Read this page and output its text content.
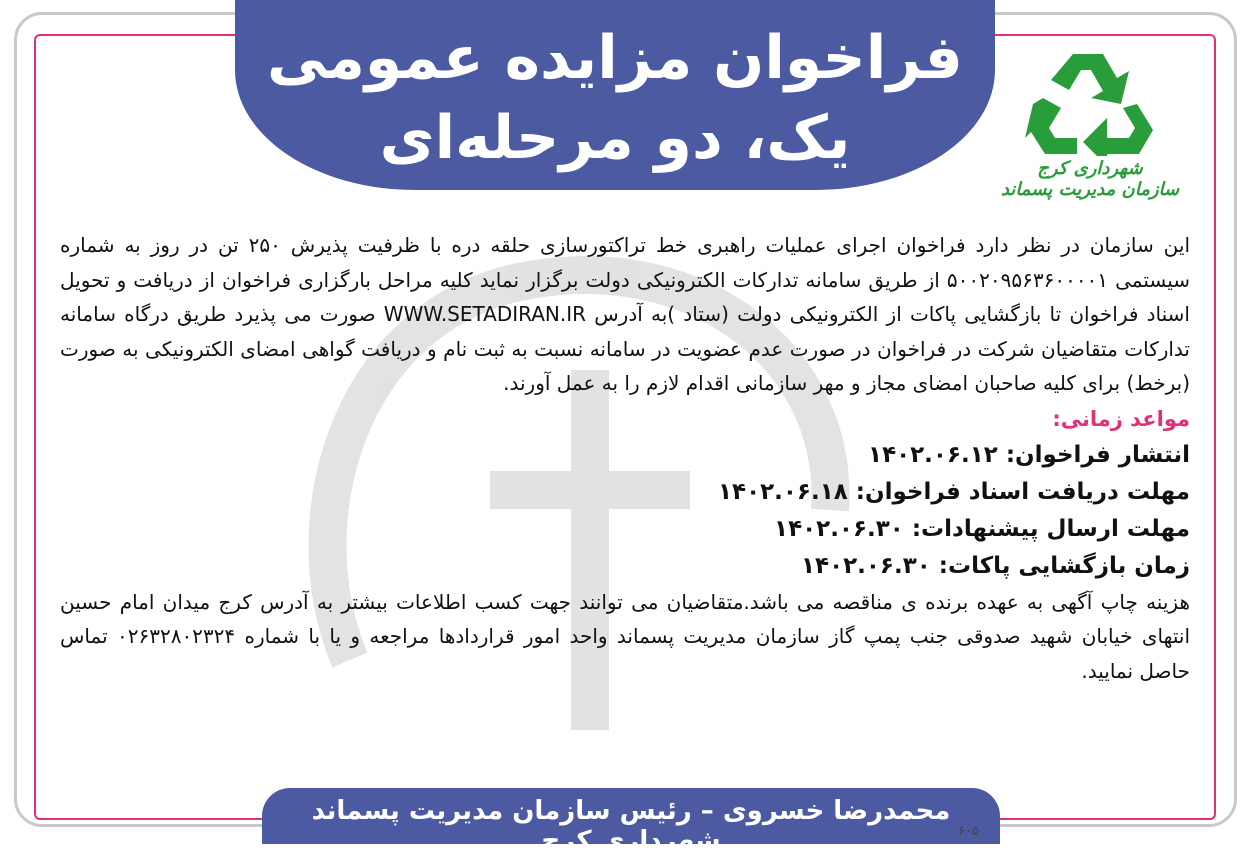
فراخوان مزایده عمومی
یک، دو مرحله‌ای	شهرداری کرج
سازمان مدیریت پسماند

این سازمان در نظر دارد فراخوان اجرای عملیات راهبری خط تراکتورسازی حلقه دره با ظرفیت پذیرش ۲۵۰ تن در روز به شماره سیستمی ۵۰۰۲۰۹۵۶۳۶۰۰۰۰۱ از طریق سامانه تدارکات الکترونیکی دولت برگزار نماید کلیه مراحل بارگزاری فراخوان از دریافت و تحویل اسناد فراخوان تا بازگشایی پاکات از الکترونیکی دولت (ستاد )به آدرس WWW.SETADIRAN.IR صورت می پذیرد طریق درگاه سامانه تدارکات متقاضیان شرکت در فراخوان در صورت عدم عضویت در سامانه نسبت به ثبت نام و دریافت گواهی امضای الکترونیکی به صورت (برخط) برای کلیه صاحبان امضای مجاز و مهر سازمانی اقدام لازم را به عمل آورند.

مواعد زمانی:

انتشار فراخوان: ۱۴۰۲.۰۶.۱۲

مهلت دریافت اسناد فراخوان: ۱۴۰۲.۰۶.۱۸

مهلت ارسال پیشنهادات: ۱۴۰۲.۰۶.۳۰

زمان بازگشایی پاکات: ۱۴۰۲.۰۶.۳۰

هزینه چاپ آگهی به عهده برنده ی مناقصه می باشد.متقاضیان می توانند جهت کسب اطلاعات بیشتر به آدرس کرج میدان امام حسین انتهای خیابان شهید صدوقی جنب پمپ گاز سازمان مدیریت پسماند واحد امور قراردادها مراجعه و یا با شماره ۰۲۶۳۲۸۰۲۳۲۴ تماس حاصل نمایید.

محمدرضا خسروی – رئیس سازمان مدیریت پسماند شهرداری کرج	۶۰۵
